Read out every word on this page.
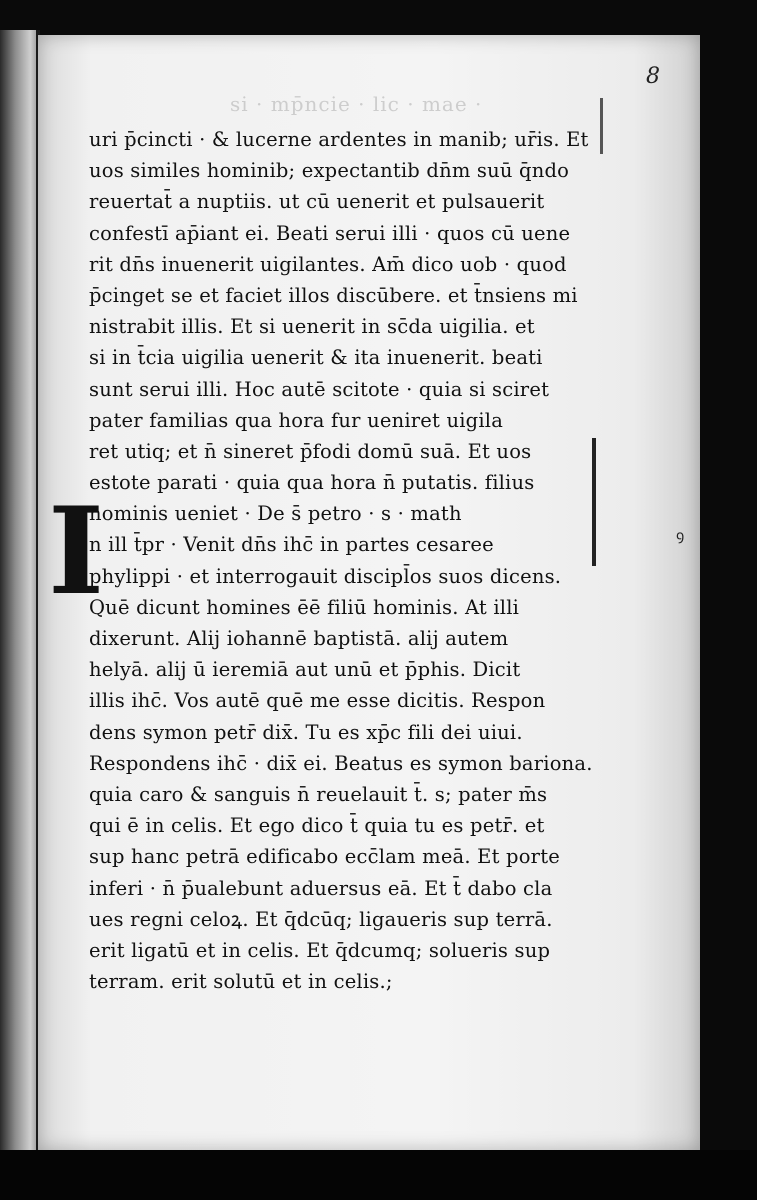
8
si · mp̄ncie · lic · mae ·
ꝯ
I
uri p̄cincti · & lucerne ardentes in manib; ur̄is. Et
uos similes hominib; expectantib dn̄m suū q̄ndo
reuertat̄ a nuptiis. ut cū uenerit et pulsauerit
confestī ap̄iant ei. Beati serui illi · quos cū uene
rit dn̄s inuenerit uigilantes. Am̄ dico uob · quod
p̄cinget se et faciet illos discūbere. et t̄nsiens mi
nistrabit illis. Et si uenerit in sc̄da uigilia. et
si in t̄cia uigilia uenerit & ita inuenerit. beati
sunt serui illi. Hoc autē scitote · quia si sciret
pater familias qua hora fur ueniret uigila
ret utiq; et n̄ sineret p̄fodi domū suā. Et uos
estote parati · quia qua hora n̄ putatis. filius
hominis ueniet · De s̄ petro · s · math
n ill t̄pr · Venit dn̄s ihc̄ in partes cesaree
phylippi · et interrogauit discipl̄os suos dicens.
Quē dicunt homines ēē filiū hominis. At illi
dixerunt. Alij iohannē baptistā. alij autem
helyā. alij ū ieremiā aut unū et p̄phis. Dicit
illis ihc̄. Vos autē quē me esse dicitis. Respon
dens symon petr̄ dix̄. Tu es xp̄c fili dei uiui.
Respondens ihc̄ · dix̄ ei. Beatus es symon bariona.
quia caro & sanguis n̄ reuelauit t̄. s; pater m̄s
qui ē in celis. Et ego dico t̄ quia tu es petr̄. et
sup hanc petrā edificabo ecc̄lam meā. Et porte
inferi · n̄ p̄ualebunt aduersus eā. Et t̄ dabo cla
ues regni celoꝝ. Et q̄dcūq; ligaueris sup terrā.
erit ligatū et in celis. Et q̄dcumq; solueris sup
terram. erit solutū et in celis.;
